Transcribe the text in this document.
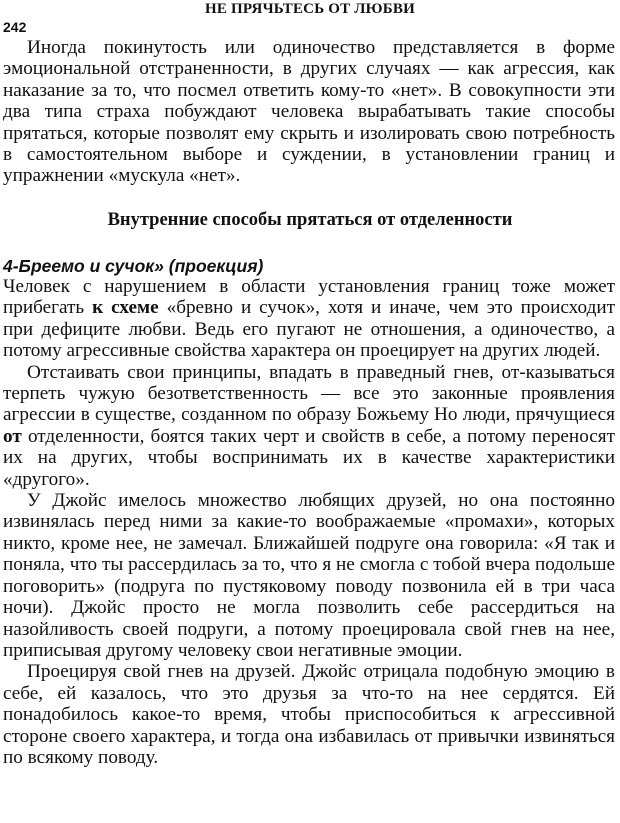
НЕ ПРЯЧЬТЕСЬ ОТ ЛЮБВИ
242

Иногда покинутость или одиночество представляется в форме эмоциональной отстраненности, в других случаях — как агрессия, как наказание за то, что посмел ответить кому-то «нет». В совокупности эти два типа страха побуждают человека вырабатывать такие способы прятаться, которые позволят ему скрыть и изолировать свою потребность в самостоятельном выборе и суждении, в установлении границ и упражнении «мускула «нет».

Внутренние способы прятаться от отделенности
4-Бреемо и сучок» (проекция)

Человек с нарушением в области установления границ тоже может прибегать к схеме «бревно и сучок», хотя и иначе, чем это происходит при дефиците любви. Ведь его пугают не отношения, а одиночество, а потому агрессивные свойства характера он проецирует на других людей.

Отстаивать свои принципы, впадать в праведный гнев, от-казываться терпеть чужую безответственность — все это законные проявления агрессии в существе, созданном по образу Божьему Но люди, прячущиеся от отделенности, боятся таких черт и свойств в себе, а потому переносят их на других, чтобы воспринимать их в качестве характеристики «другого».

У Джойс имелось множество любящих друзей, но она постоянно извинялась перед ними за какие-то воображаемые «промахи», которых никто, кроме нее, не замечал. Ближайшей подруге она говорила: «Я так и поняла, что ты рассердилась за то, что я не смогла с тобой вчера подольше поговорить» (подруга по пустяковому поводу позвонила ей в три часа ночи). Джойс просто не могла позволить себе рассердиться на назойливость своей подруги, а потому проецировала свой гнев на нее, приписывая другому человеку свои негативные эмоции.

Проецируя свой гнев на друзей. Джойс отрицала подобную эмоцию в себе, ей казалось, что это друзья за что-то на нее сердятся. Ей понадобилось какое-то время, чтобы приспособиться к агрессивной стороне своего характера, и тогда она избавилась от привычки извиняться по всякому поводу.
